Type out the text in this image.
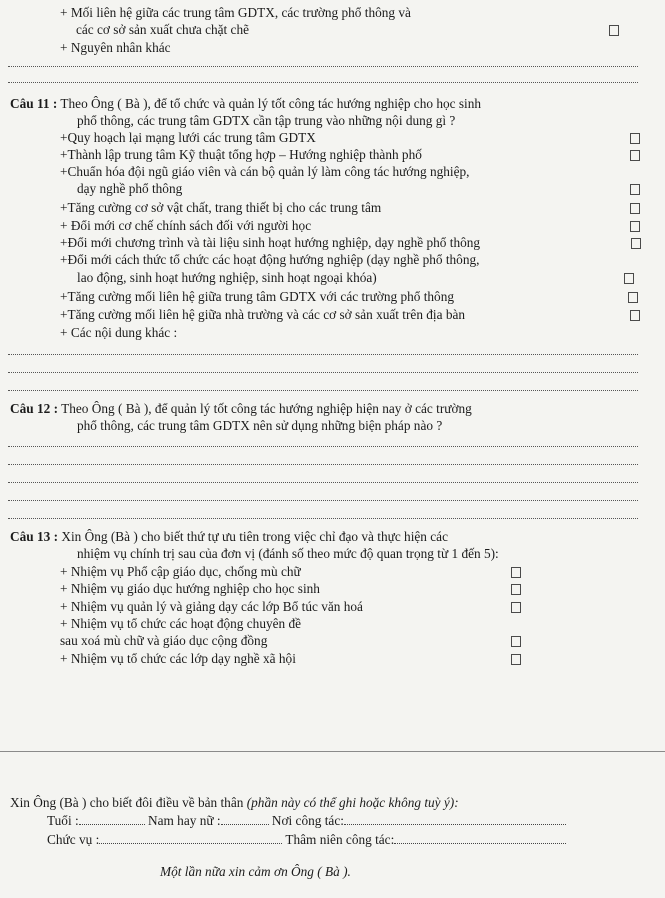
+ Mối liên hệ giữa các trung tâm GDTX, các trường phổ thông và
các cơ sở sản xuất chưa chặt chẽ
+ Nguyên nhân khác
Câu 11 : Theo Ông ( Bà ), để tổ chức và quản lý tốt công tác hướng nghiệp cho học sinh
phổ thông, các trung tâm GDTX cần tập trung vào những nội dung gì ?
+Quy hoạch lại mạng lưới các trung tâm GDTX
+Thành lập trung tâm Kỹ thuật tổng hợp – Hướng nghiệp thành phố
+Chuẩn hóa đội ngũ giáo viên và cán bộ quản lý làm công tác hướng nghiệp,
dạy nghề phổ thông
+Tăng cường cơ sở vật chất, trang thiết bị cho các trung tâm
+ Đổi mới cơ chế chính sách đối với người học
+Đổi mới chương trình và tài liệu sinh hoạt hướng nghiệp, dạy nghề phổ thông
+Đổi mới cách thức tổ chức các hoạt động hướng nghiệp (dạy nghề phổ thông,
lao động, sinh hoạt hướng nghiệp, sinh hoạt ngoại khóa)
+Tăng cường mối liên hệ giữa trung tâm GDTX với các trường phổ thông
+Tăng cường mối liên hệ giữa nhà trường và các cơ sở sản xuất trên địa bàn
+ Các nội dung khác :
Câu 12 : Theo Ông ( Bà ), để quản lý tốt công tác hướng nghiệp hiện nay ở các trường
phổ thông, các trung tâm GDTX nên sử dụng những biện pháp nào ?
Câu 13 : Xin Ông (Bà ) cho biết thứ tự ưu tiên trong việc chỉ đạo và thực hiện các
nhiệm vụ chính trị sau của đơn vị (đánh số theo mức độ quan trọng từ 1 đến 5):
+ Nhiệm vụ Phổ cập giáo dục, chống mù chữ
+ Nhiệm vụ giáo dục hướng nghiệp cho học sinh
+ Nhiệm vụ quản lý và giảng dạy các lớp Bổ túc văn hoá
+ Nhiệm vụ tổ chức các hoạt động chuyên đề
sau xoá mù chữ và giáo dục cộng đồng
+ Nhiệm vụ tổ chức các lớp dạy nghề xã hội
Xin Ông (Bà ) cho biết đôi điều về bản thân (phần này có thể ghi hoặc không tuỳ ý):
Tuổi :	Nam hay nữ :	Nơi công tác:
Chức vụ :	Thâm niên công tác:
Một lần nữa xin cảm ơn Ông ( Bà ).
